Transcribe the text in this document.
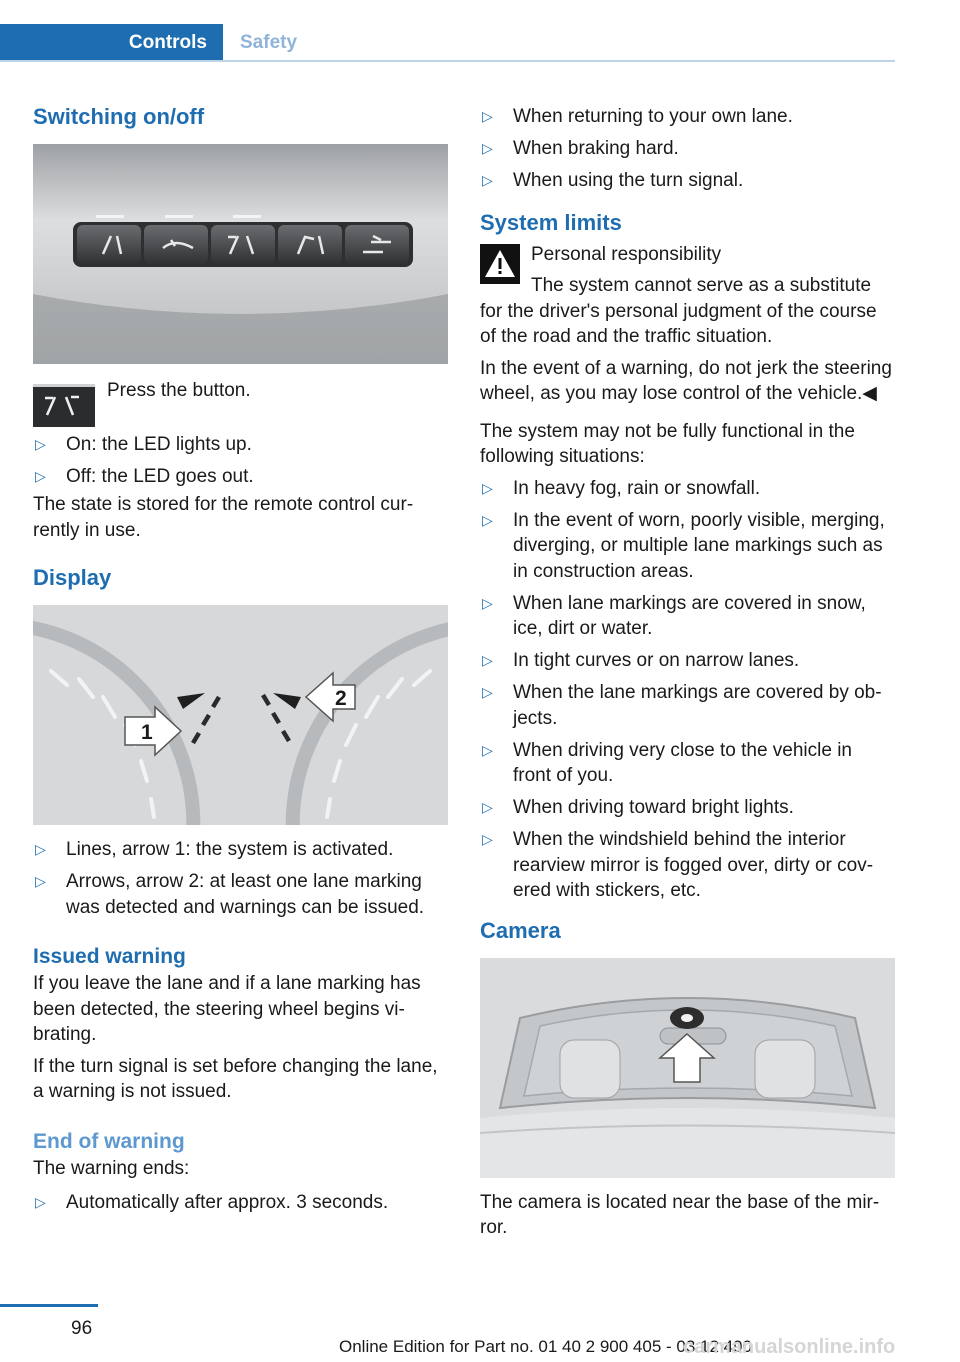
Controls	Safety
Switching on/off
Press the button.
▷ On: the LED lights up.
▷ Off: the LED goes out.

The state is stored for the remote control cur-rently in use.

Display
1
2
▷ Lines, arrow 1: the system is activated.
▷ Arrows, arrow 2: at least one lane marking was detected and warnings can be issued.
Issued warning

If you leave the lane and if a lane marking has been detected, the steering wheel begins vi-brating.

If the turn signal is set before changing the lane, a warning is not issued.

End of warning

The warning ends:

▷ Automatically after approx. 3 seconds.
▷ When returning to your own lane.
▷ When braking hard.
▷ When using the turn signal.
System limits
Personal responsibility
The system cannot serve as a substitute

for the driver's personal judgment of the course of the road and the traffic situation.

In the event of a warning, do not jerk the steering wheel, as you may lose control of the vehicle.◀

The system may not be fully functional in the following situations:

▷ In heavy fog, rain or snowfall.
▷ In the event of worn, poorly visible, merging, diverging, or multiple lane markings such as in construction areas.
▷ When lane markings are covered in snow, ice, dirt or water.
▷ In tight curves or on narrow lanes.
▷ When the lane markings are covered by ob-jects.
▷ When driving very close to the vehicle in front of you.
▷ When driving toward bright lights.
▷ When the windshield behind the interior rearview mirror is fogged over, dirty or cov-ered with stickers, etc.
Camera

The camera is located near the base of the mir-ror.

96
Online Edition for Part no. 01 40 2 900 405 - 03 12 490
carmanualsonline.info
